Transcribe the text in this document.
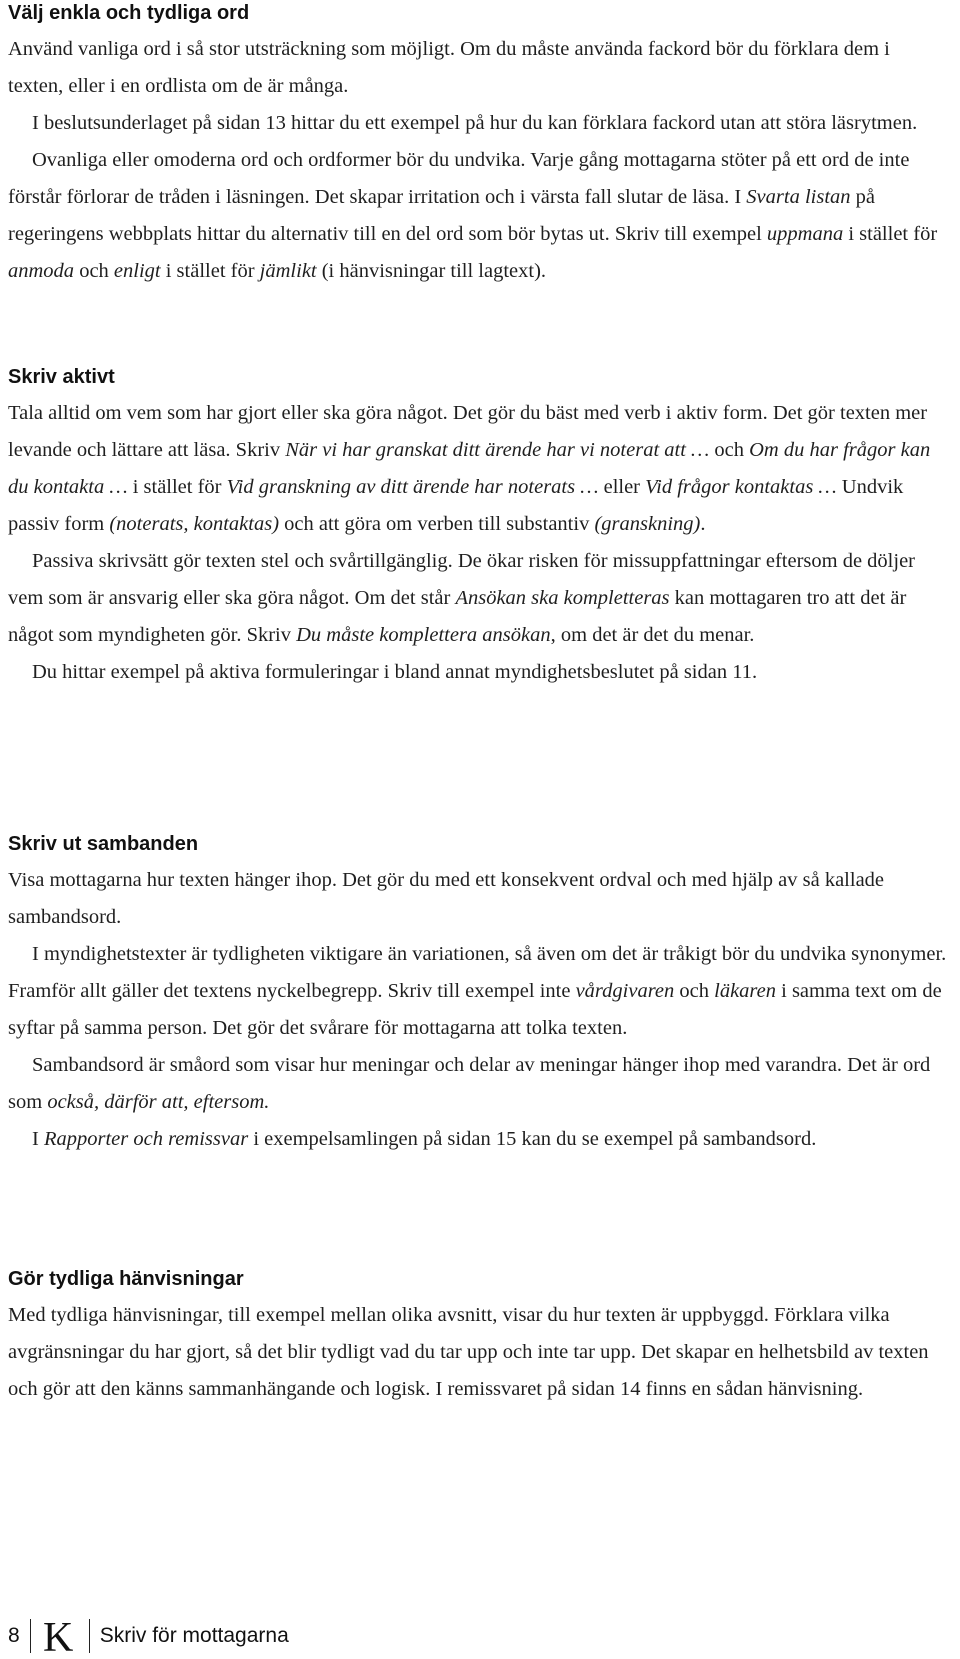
Välj enkla och tydliga ord

Använd vanliga ord i så stor utsträckning som möjligt. Om du måste använda fackord bör du förklara dem i texten, eller i en ordlista om de är många.

I beslutsunderlaget på sidan 13 hittar du ett exempel på hur du kan förklara fackord utan att störa läsrytmen.

Ovanliga eller omoderna ord och ordformer bör du undvika. Varje gång mottagarna stöter på ett ord de inte förstår förlorar de tråden i läsningen. Det skapar irritation och i värsta fall slutar de läsa. I Svarta listan på regeringens webbplats hittar du alternativ till en del ord som bör bytas ut. Skriv till exempel uppmana i stället för anmoda och enligt i stället för jämlikt (i hänvisningar till lagtext).

Skriv aktivt

Tala alltid om vem som har gjort eller ska göra något. Det gör du bäst med verb i aktiv form. Det gör texten mer levande och lättare att läsa. Skriv När vi har granskat ditt ärende har vi noterat att … och Om du har frågor kan du kontakta … i stället för Vid granskning av ditt ärende har noterats … eller Vid frågor kontaktas … Undvik passiv form (noterats, kontaktas) och att göra om verben till substantiv (granskning).

Passiva skrivsätt gör texten stel och svårtillgänglig. De ökar risken för missuppfattningar eftersom de döljer vem som är ansvarig eller ska göra något. Om det står Ansökan ska kompletteras kan mottagaren tro att det är något som myndigheten gör. Skriv Du måste komplettera ansökan, om det är det du menar.

Du hittar exempel på aktiva formuleringar i bland annat myndighetsbeslutet på sidan 11.

Skriv ut sambanden

Visa mottagarna hur texten hänger ihop. Det gör du med ett konsekvent ordval och med hjälp av så kallade sambandsord.

I myndighetstexter är tydligheten viktigare än variationen, så även om det är tråkigt bör du undvika synonymer. Framför allt gäller det textens nyckelbegrepp. Skriv till exempel inte vårdgivaren och läkaren i samma text om de syftar på samma person. Det gör det svårare för mottagarna att tolka texten.

Sambandsord är småord som visar hur meningar och delar av meningar hänger ihop med varandra. Det är ord som också, därför att, eftersom.

I Rapporter och remissvar i exempelsamlingen på sidan 15 kan du se exempel på sambandsord.

Gör tydliga hänvisningar

Med tydliga hänvisningar, till exempel mellan olika avsnitt, visar du hur texten är uppbyggd. Förklara vilka avgränsningar du har gjort, så det blir tydligt vad du tar upp och inte tar upp. Det skapar en helhetsbild av texten och gör att den känns sammanhängande och logisk. I remissvaret på sidan 14 finns en sådan hänvisning.

8 K Skriv för mottagarna
